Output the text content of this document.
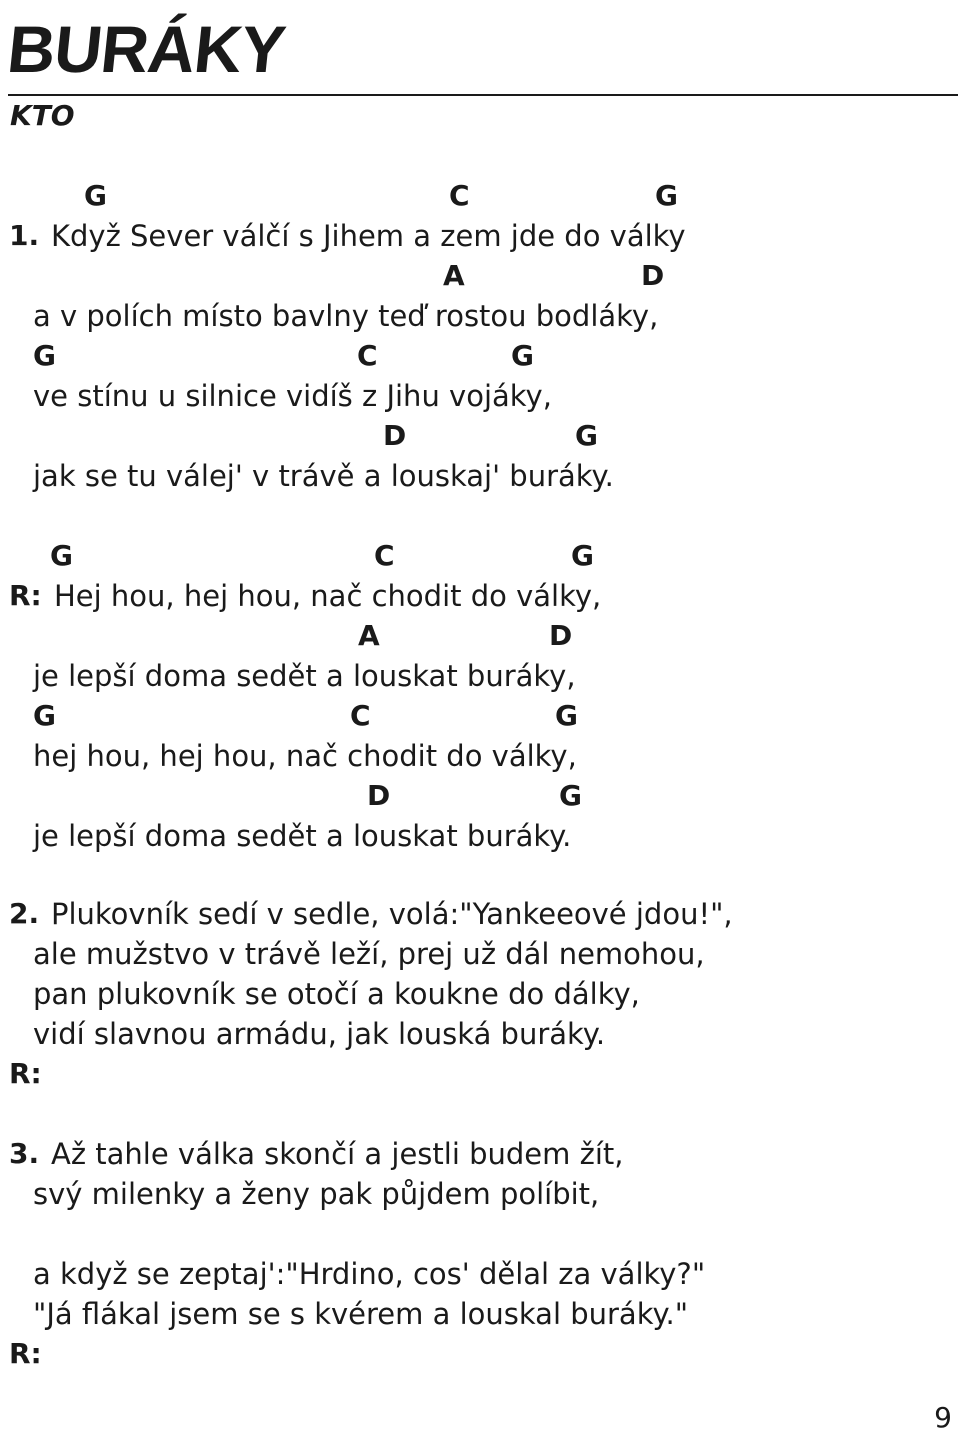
BURÁKY
KTO
G	C	G
1. Když Sever válčí s Jihem a zem jde do války
A	D
a v polích místo bavlny teď rostou bodláky,
G	C	G
ve stínu u silnice vidíš z Jihu vojáky,
D	G
jak se tu válej' v trávě a louskaj' buráky.
G	C	G
R: Hej hou, hej hou, nač chodit do války,
A	D
je lepší doma sedět a louskat buráky,
G	C	G
hej hou, hej hou, nač chodit do války,
D	G
je lepší doma sedět a louskat buráky.
2. Plukovník sedí v sedle, volá:"Yankeeové jdou!",
ale mužstvo v trávě leží, prej už dál nemohou,
pan plukovník se otočí a koukne do dálky,
vidí slavnou armádu, jak louská buráky.
R:
3. Až tahle válka skončí a jestli budem žít,
svý milenky a ženy pak půjdem políbit,
a když se zeptaj':"Hrdino, cos' dělal za války?"
"Já flákal jsem se s kvérem a louskal buráky."
R:
9
